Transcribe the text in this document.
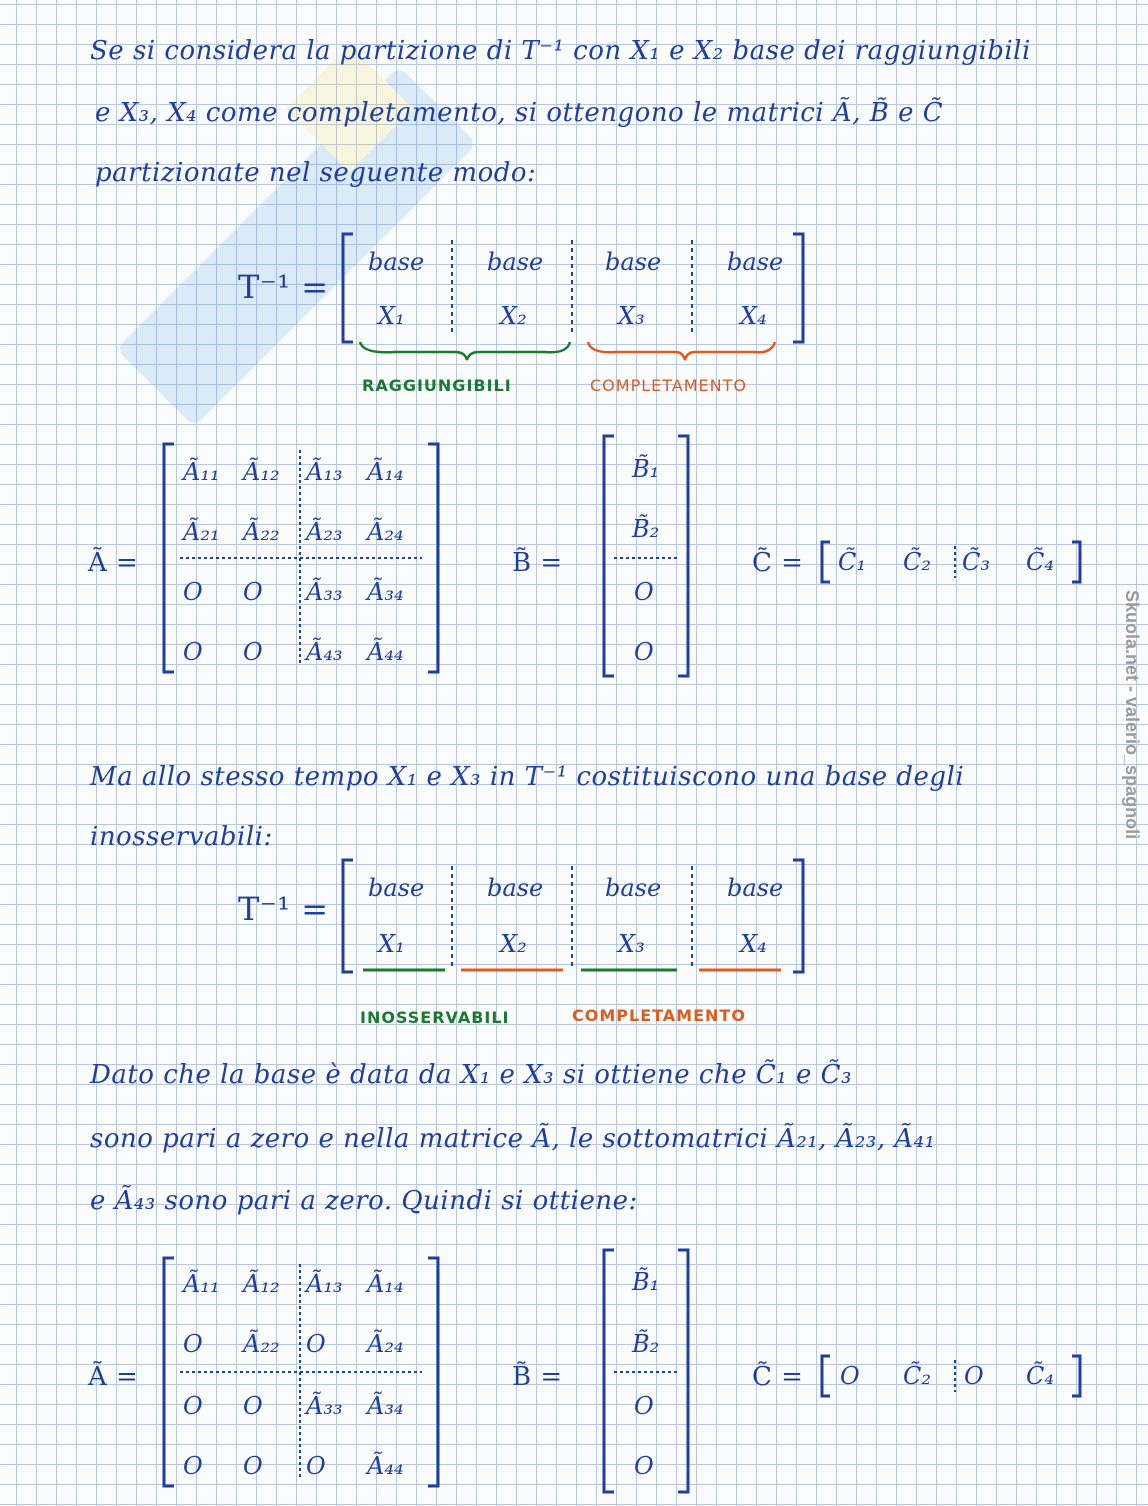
Skuola.net - valerio_spagnoli
Se si considera la partizione di T⁻¹ con X₁ e X₂ base dei raggiungibili
e X₃, X₄ come completamento, si ottengono le matrici Ã, B̃ e C̃
partizionate nel seguente modo:
T⁻¹ =
base	base	base	base
X₁	X₂	X₃	X₄
RAGGIUNGIBILI	COMPLETAMENTO
Ã =
Ã₁₁ Ã₁₂ Ã₁₃ Ã₁₄
Ã₂₁ Ã₂₂ Ã₂₃ Ã₂₄
O O Ã₃₃ Ã₃₄
O O Ã₄₃ Ã₄₄
B̃ =
B̃₁
B̃₂
O
O
C̃ = C̃₁ C̃₂ C̃₃ C̃₄
Ma allo stesso tempo X₁ e X₃ in T⁻¹ costituiscono una base degli
inosservabili:
T⁻¹ =
base	base	base	base
X₁	X₂	X₃	X₄
INOSSERVABILI	COMPLETAMENTO
Dato che la base è data da X₁ e X₃ si ottiene che C̃₁ e C̃₃
sono pari a zero e nella matrice Ã, le sottomatrici Ã₂₁, Ã₂₃, Ã₄₁
e Ã₄₃ sono pari a zero. Quindi si ottiene:
Ã =
Ã₁₁ Ã₁₂ Ã₁₃ Ã₁₄
O Ã₂₂ O Ã₂₄
O O Ã₃₃ Ã₃₄
O O O Ã₄₄
B̃ =
B̃₁
B̃₂
O
O
C̃ = O C̃₂ O C̃₄
